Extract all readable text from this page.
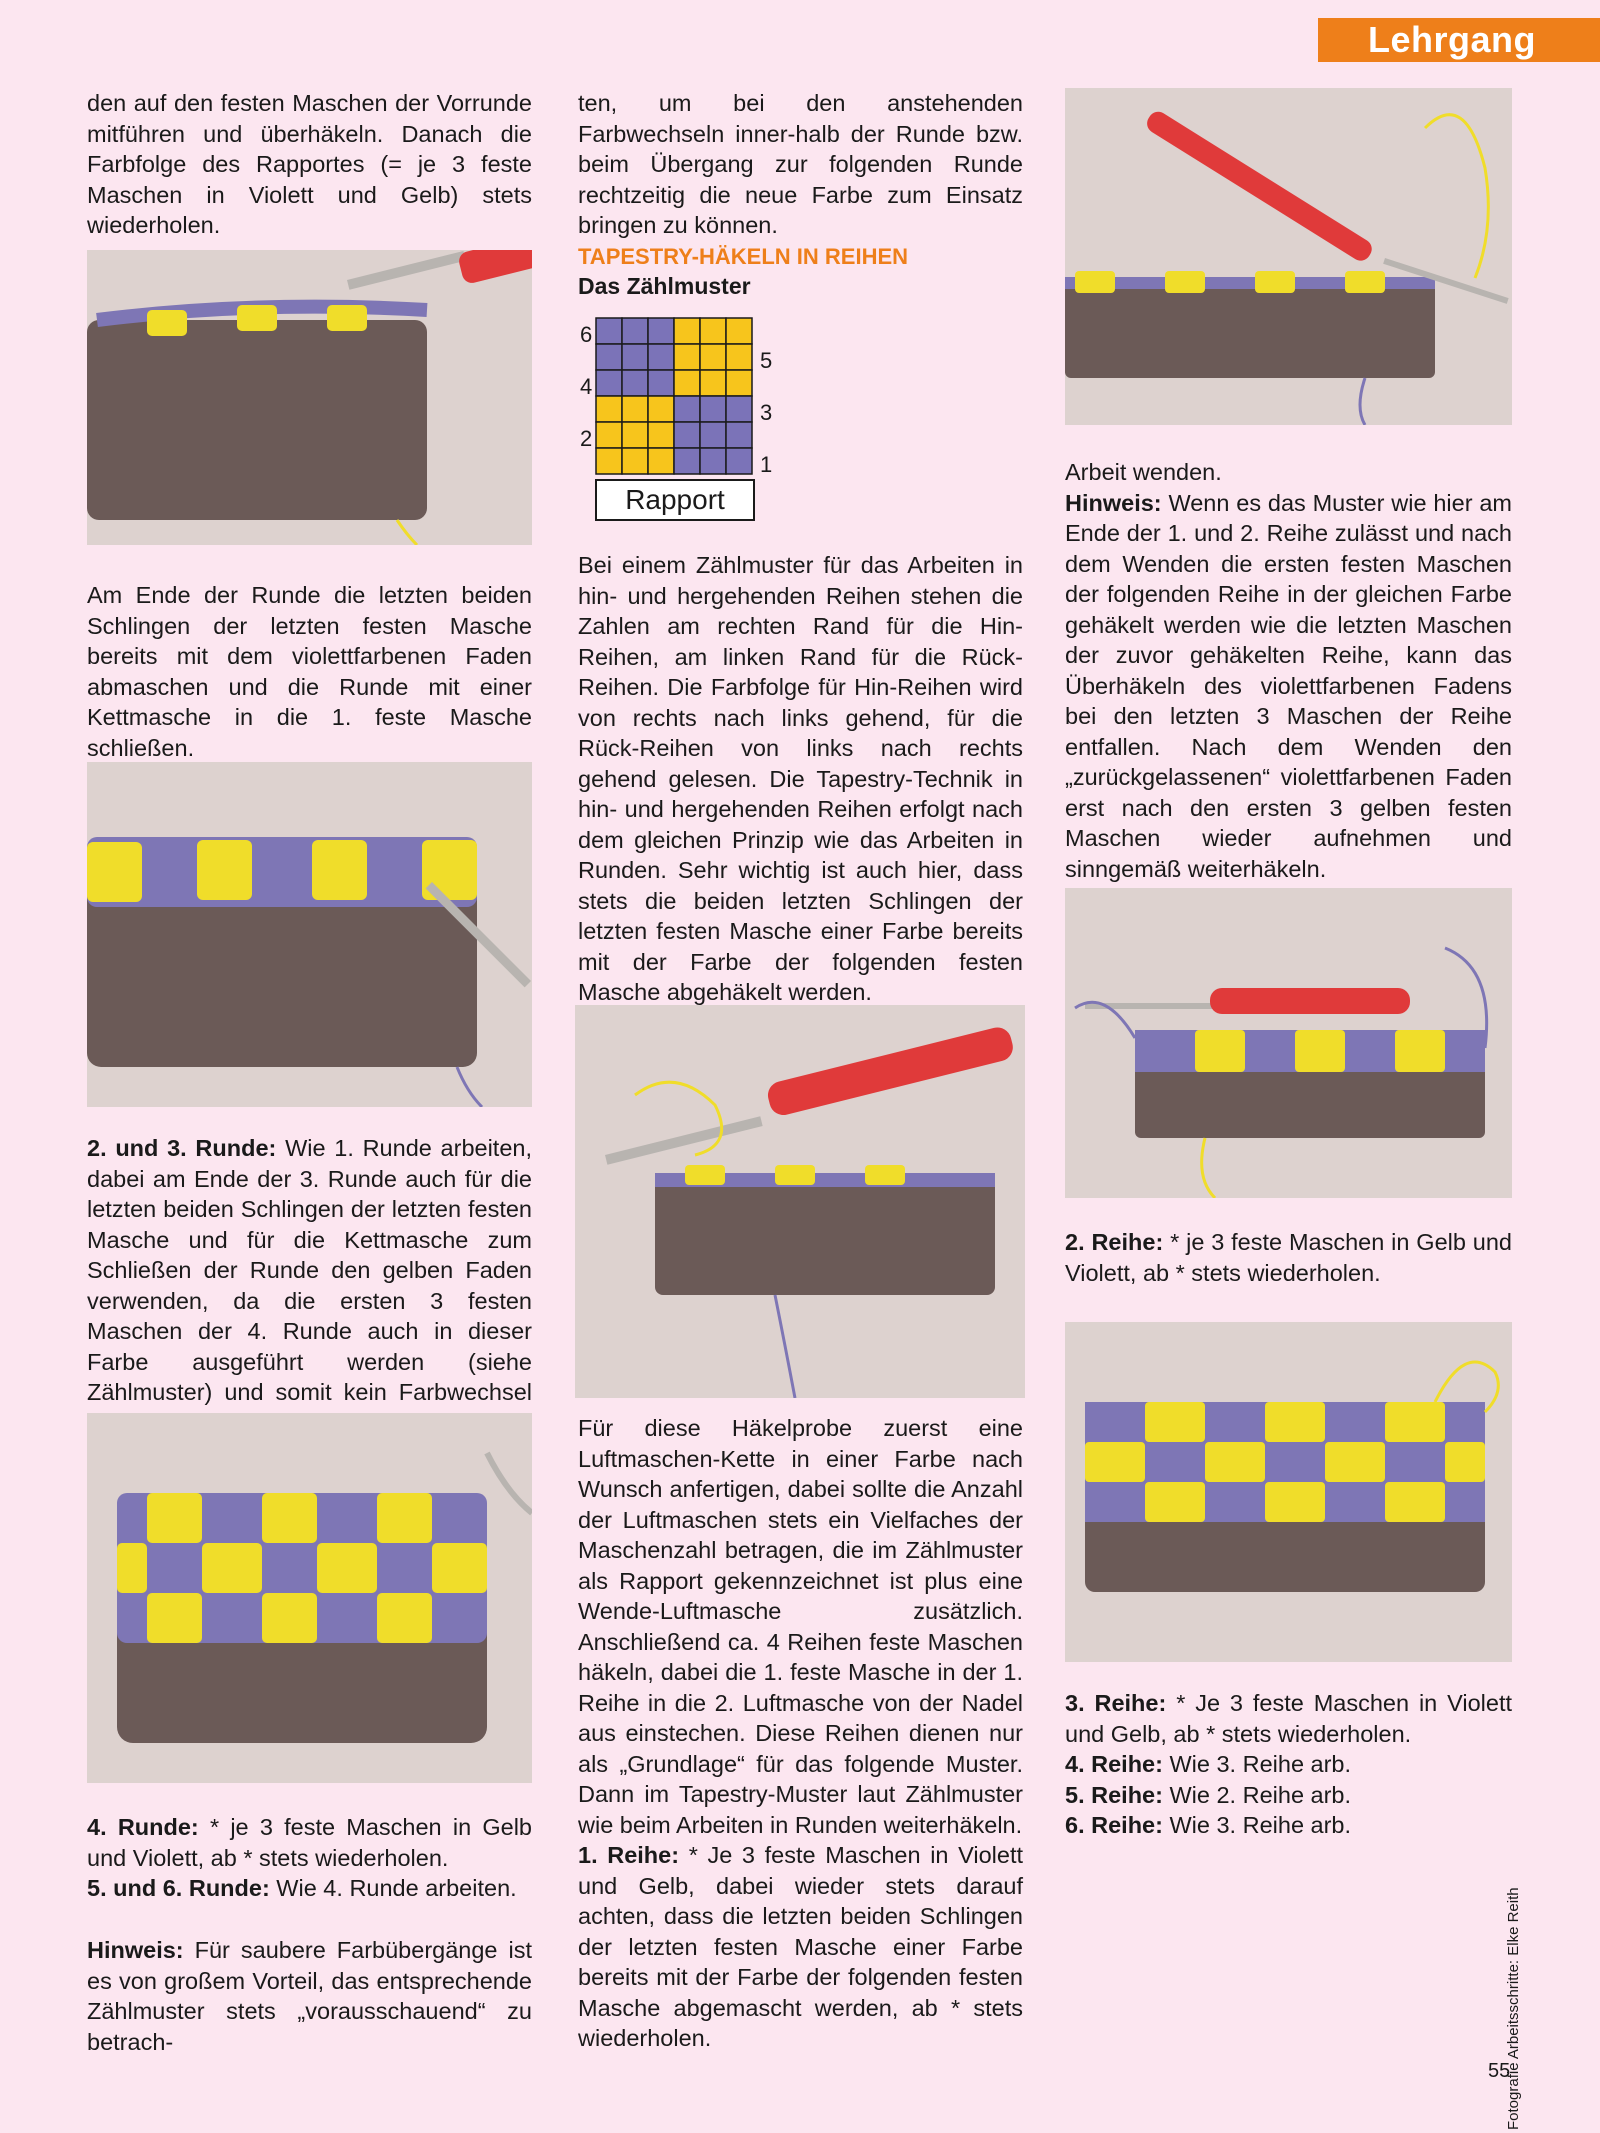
Lehrgang

den auf den festen Maschen der Vorrunde mitführen und überhäkeln. Danach die Farbfolge des Rapportes (= je 3 feste Maschen in Violett und Gelb) stets wiederholen.

Am Ende der Runde die letzten beiden Schlingen der letzten festen Masche bereits mit dem violettfarbenen Faden abmaschen und die Runde mit einer Kettmasche in die 1. feste Masche schließen.

2. und 3. Runde: Wie 1. Runde arbeiten, dabei am Ende der 3. Runde auch für die letzten beiden Schlingen der letzten festen Masche und für die Kettmasche zum Schließen der Runde den gelben Faden verwenden, da die ersten 3 festen Maschen der 4. Runde auch in dieser Farbe ausgeführt werden (siehe Zählmuster) und somit kein Farbwechsel

4. Runde: * je 3 feste Maschen in Gelb und Violett, ab * stets wiederholen.

5. und 6. Runde: Wie 4. Runde arbeiten.

Hinweis: Für saubere Farbübergänge ist es von großem Vorteil, das entsprechende Zählmuster stets „vorausschauend“ zu betrach-

ten, um bei den anstehenden Farbwechseln inner-halb der Runde bzw. beim Übergang zur folgenden Runde rechtzeitig die neue Farbe zum Einsatz bringen zu können.

TAPESTRY-HÄKELN IN REIHEN
Das Zählmuster
6
4
2
5
3
1
Rapport

Bei einem Zählmuster für das Arbeiten in hin- und hergehenden Reihen stehen die Zahlen am rechten Rand für die Hin-Reihen, am linken Rand für die Rück-Reihen. Die Farbfolge für Hin-Reihen wird von rechts nach links gehend, für die Rück-Reihen von links nach rechts gehend gelesen. Die Tapestry-Technik in hin- und hergehenden Reihen erfolgt nach dem gleichen Prinzip wie das Arbeiten in Runden. Sehr wichtig ist auch hier, dass stets die beiden letzten Schlingen der letzten festen Masche einer Farbe bereits mit der Farbe der folgenden festen Masche abgehäkelt werden.

Für diese Häkelprobe zuerst eine Luftmaschen-Kette in einer Farbe nach Wunsch anfertigen, dabei sollte die Anzahl der Luftmaschen stets ein Vielfaches der Maschenzahl betragen, die im Zählmuster als Rapport gekennzeichnet ist plus eine Wende-Luftmasche zusätzlich. Anschließend ca. 4 Reihen feste Maschen häkeln, dabei die 1. feste Masche in der 1. Reihe in die 2. Luftmasche von der Nadel aus einstechen. Diese Reihen dienen nur als „Grundlage“ für das folgende Muster. Dann im Tapestry-Muster laut Zählmuster wie beim Arbeiten in Runden weiterhäkeln.

1. Reihe: * Je 3 feste Maschen in Violett und Gelb, dabei wieder stets darauf achten, dass die letzten beiden Schlingen der letzten festen Masche einer Farbe bereits mit der Farbe der folgenden festen Masche abgemascht werden, ab * stets wiederholen.

Arbeit wenden.

Hinweis: Wenn es das Muster wie hier am Ende der 1. und 2. Reihe zulässt und nach dem Wenden die ersten festen Maschen der folgenden Reihe in der gleichen Farbe gehäkelt werden wie die letzten Maschen der zuvor gehäkelten Reihe, kann das Überhäkeln des violettfarbenen Fadens bei den letzten 3 Maschen der Reihe entfallen. Nach dem Wenden den „zurückgelassenen“ violettfarbenen Faden erst nach den ersten 3 gelben festen Maschen wieder aufnehmen und sinngemäß weiterhäkeln.

2. Reihe: * je 3 feste Maschen in Gelb und Violett, ab * stets wiederholen.

3. Reihe: * Je 3 feste Maschen in Violett und Gelb, ab * stets wiederholen.

4. Reihe: Wie 3. Reihe arb.

5. Reihe: Wie 2. Reihe arb.

6. Reihe: Wie 3. Reihe arb.

Fotografie Arbeitsschritte: Elke Reith
55
